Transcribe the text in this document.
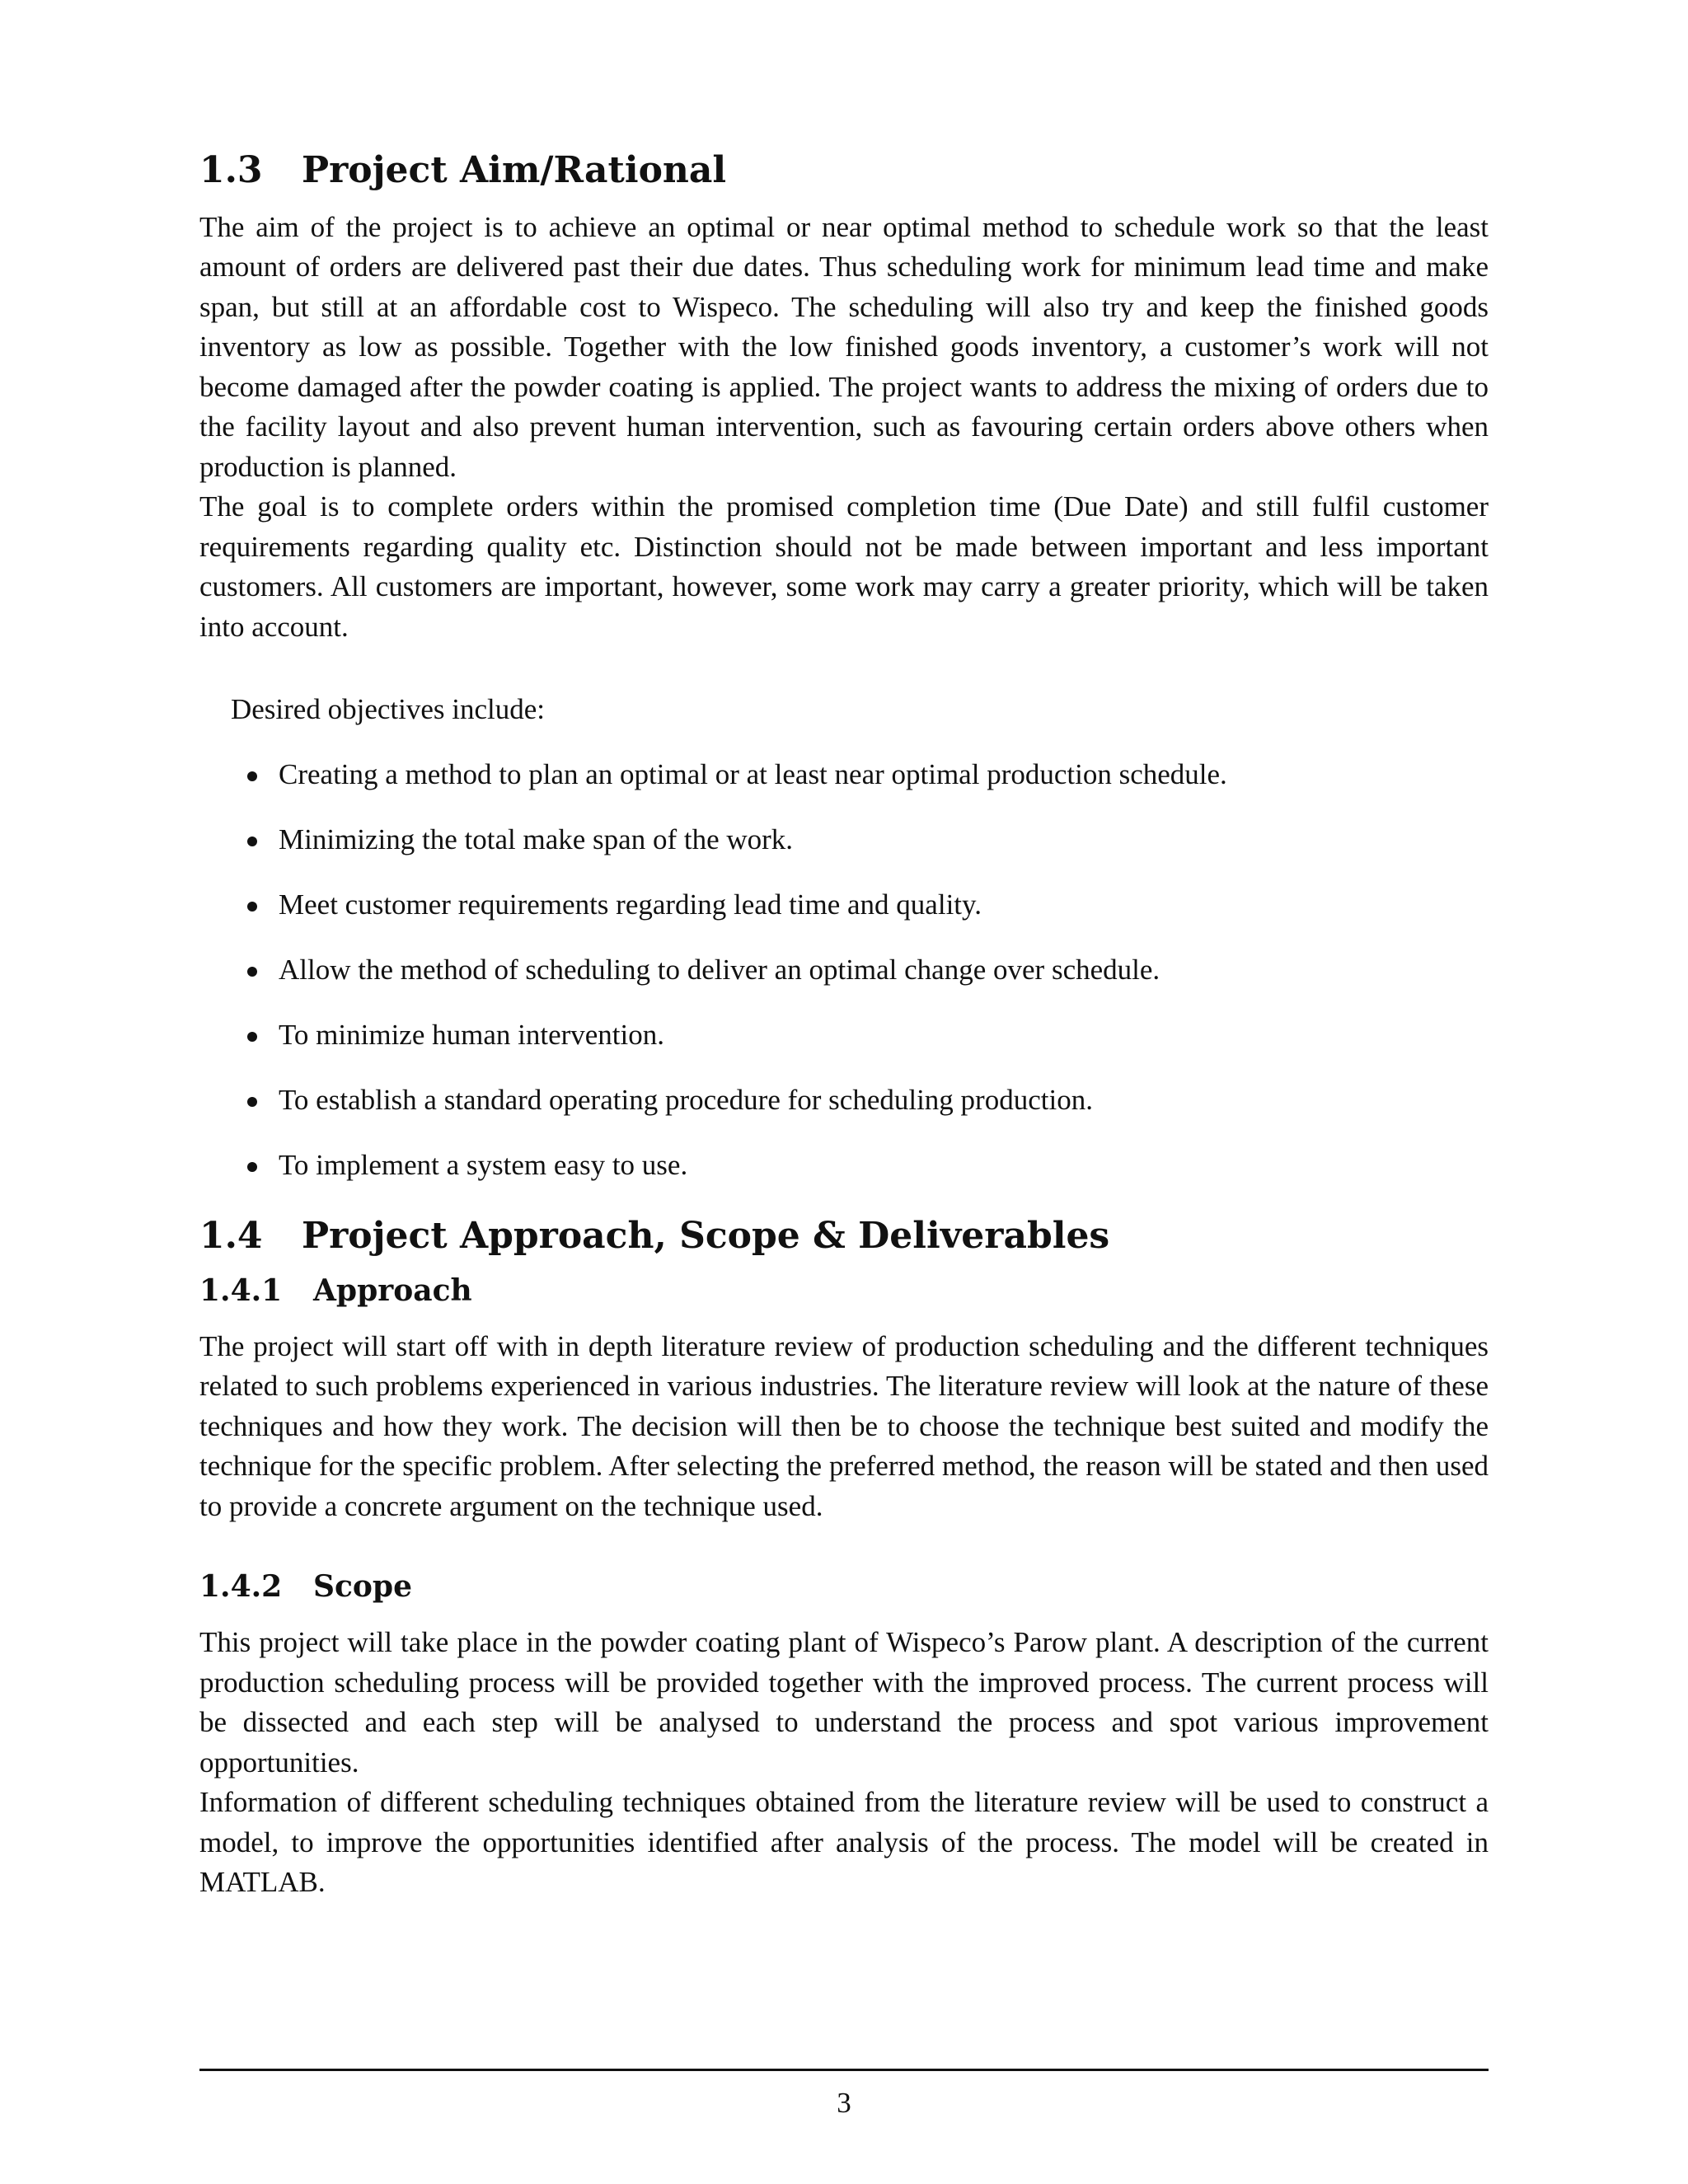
1.3 Project Aim/Rational

The aim of the project is to achieve an optimal or near optimal method to schedule work so that the least amount of orders are delivered past their due dates. Thus scheduling work for minimum lead time and make span, but still at an affordable cost to Wispeco. The scheduling will also try and keep the finished goods inventory as low as possible. Together with the low finished goods inventory, a customer’s work will not become damaged after the powder coating is applied. The project wants to address the mixing of orders due to the facility layout and also prevent human intervention, such as favouring certain orders above others when production is planned.

The goal is to complete orders within the promised completion time (Due Date) and still fulfil customer requirements regarding quality etc. Distinction should not be made between important and less important customers. All customers are important, however, some work may carry a greater priority, which will be taken into account.

Desired objectives include:

Creating a method to plan an optimal or at least near optimal production schedule.
Minimizing the total make span of the work.
Meet customer requirements regarding lead time and quality.
Allow the method of scheduling to deliver an optimal change over schedule.
To minimize human intervention.
To establish a standard operating procedure for scheduling production.
To implement a system easy to use.
1.4 Project Approach, Scope & Deliverables
1.4.1 Approach

The project will start off with in depth literature review of production scheduling and the different techniques related to such problems experienced in various industries. The literature review will look at the nature of these techniques and how they work. The decision will then be to choose the technique best suited and modify the technique for the specific problem. After selecting the preferred method, the reason will be stated and then used to provide a concrete argument on the technique used.

1.4.2 Scope

This project will take place in the powder coating plant of Wispeco’s Parow plant. A description of the current production scheduling process will be provided together with the improved process. The current process will be dissected and each step will be analysed to understand the process and spot various improvement opportunities.

Information of different scheduling techniques obtained from the literature review will be used to construct a model, to improve the opportunities identified after analysis of the process. The model will be created in MATLAB.

3
